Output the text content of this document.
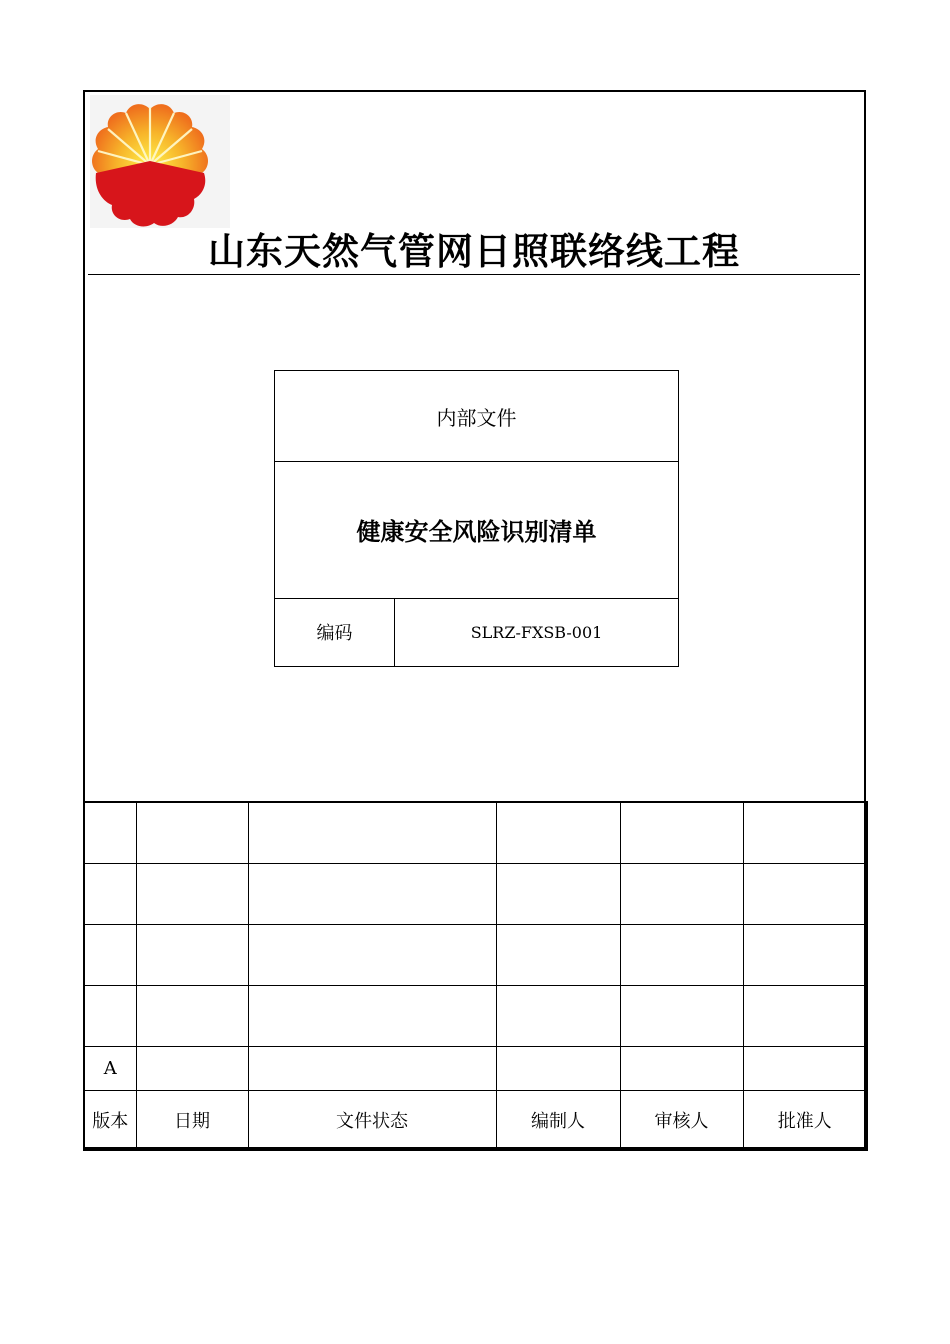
山东天然气管网日照联络线工程
内部文件
健康安全风险识别清单
编码	SLRZ-FXSB-001

A					
版本	日期	文件状态	编制人	审核人	批准人
